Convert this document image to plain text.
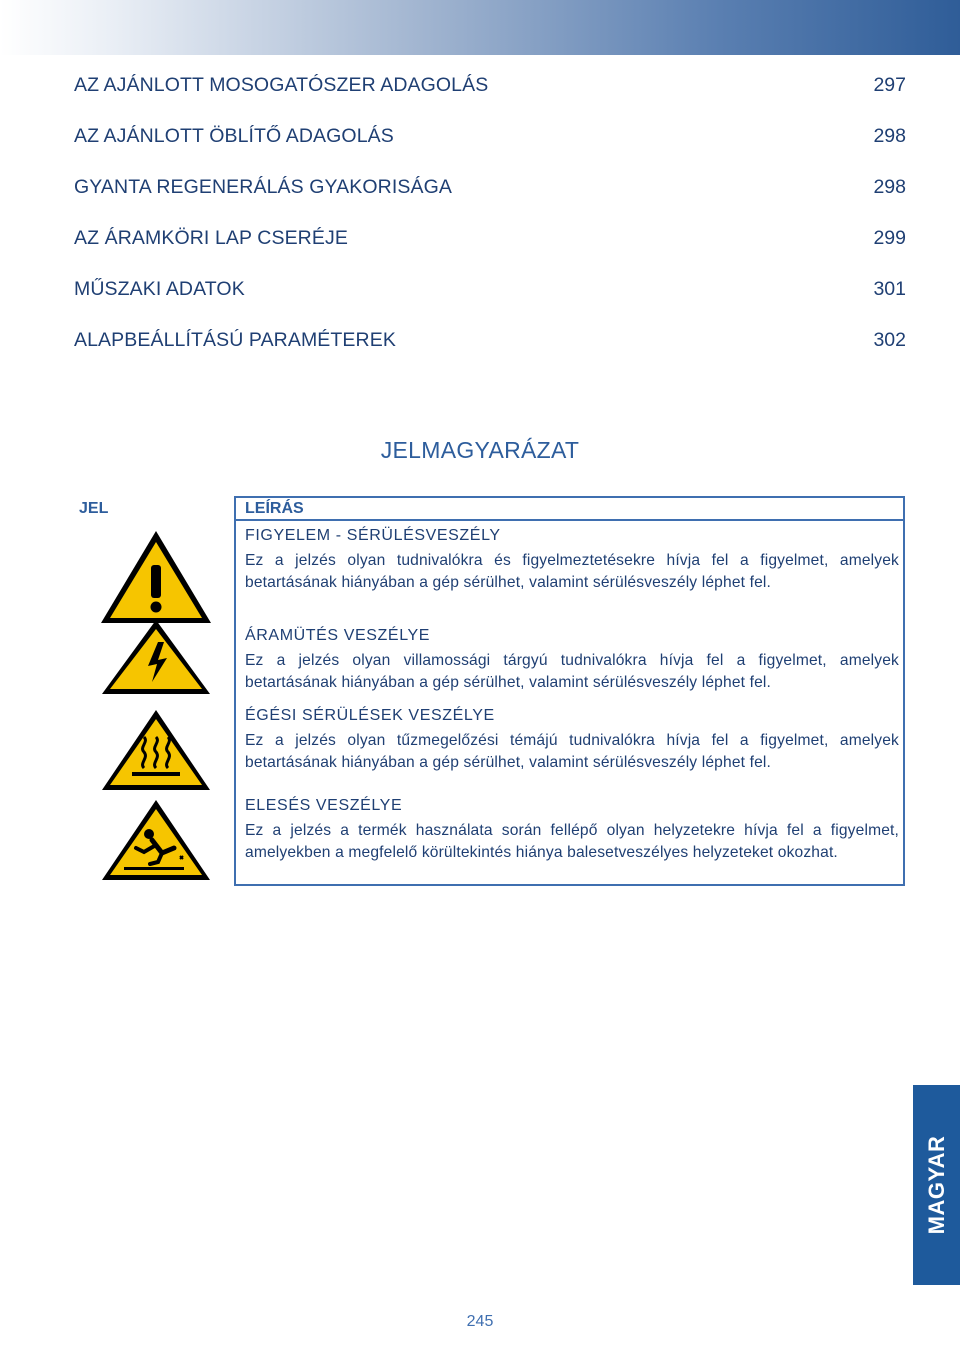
AZ AJÁNLOTT MOSOGATÓSZER ADAGOLÁS	297
AZ AJÁNLOTT ÖBLÍTŐ ADAGOLÁS	298
GYANTA REGENERÁLÁS GYAKORISÁGA	298
AZ ÁRAMKÖRI LAP CSERÉJE	299
MŰSZAKI ADATOK	301
ALAPBEÁLLÍTÁSÚ PARAMÉTEREK	302
JELMAGYARÁZAT
JEL	LEÍRÁS
FIGYELEM - SÉRÜLÉSVESZÉLY
Ez a jelzés olyan tudnivalókra és figyelmeztetésekre hívja fel a figyelmet, amelyek betartásának hiányában a gép sérülhet, valamint sérülésveszély léphet fel.
ÁRAMÜTÉS VESZÉLYE
Ez a jelzés olyan villamossági tárgyú tudnivalókra hívja fel a figyelmet, amelyek betartásának hiányában a gép sérülhet, valamint sérülésveszély léphet fel.
ÉGÉSI SÉRÜLÉSEK VESZÉLYE
Ez a jelzés olyan tűzmegelőzési témájú tudnivalókra hívja fel a figyelmet, amelyek betartásának hiányában a gép sérülhet, valamint sérülésveszély léphet fel.
ELESÉS VESZÉLYE
Ez a jelzés a termék használata során fellépő olyan helyzetekre hívja fel a figyelmet, amelyekben a megfelelő körültekintés hiánya balesetveszélyes helyzeteket okozhat.
MAGYAR
245
